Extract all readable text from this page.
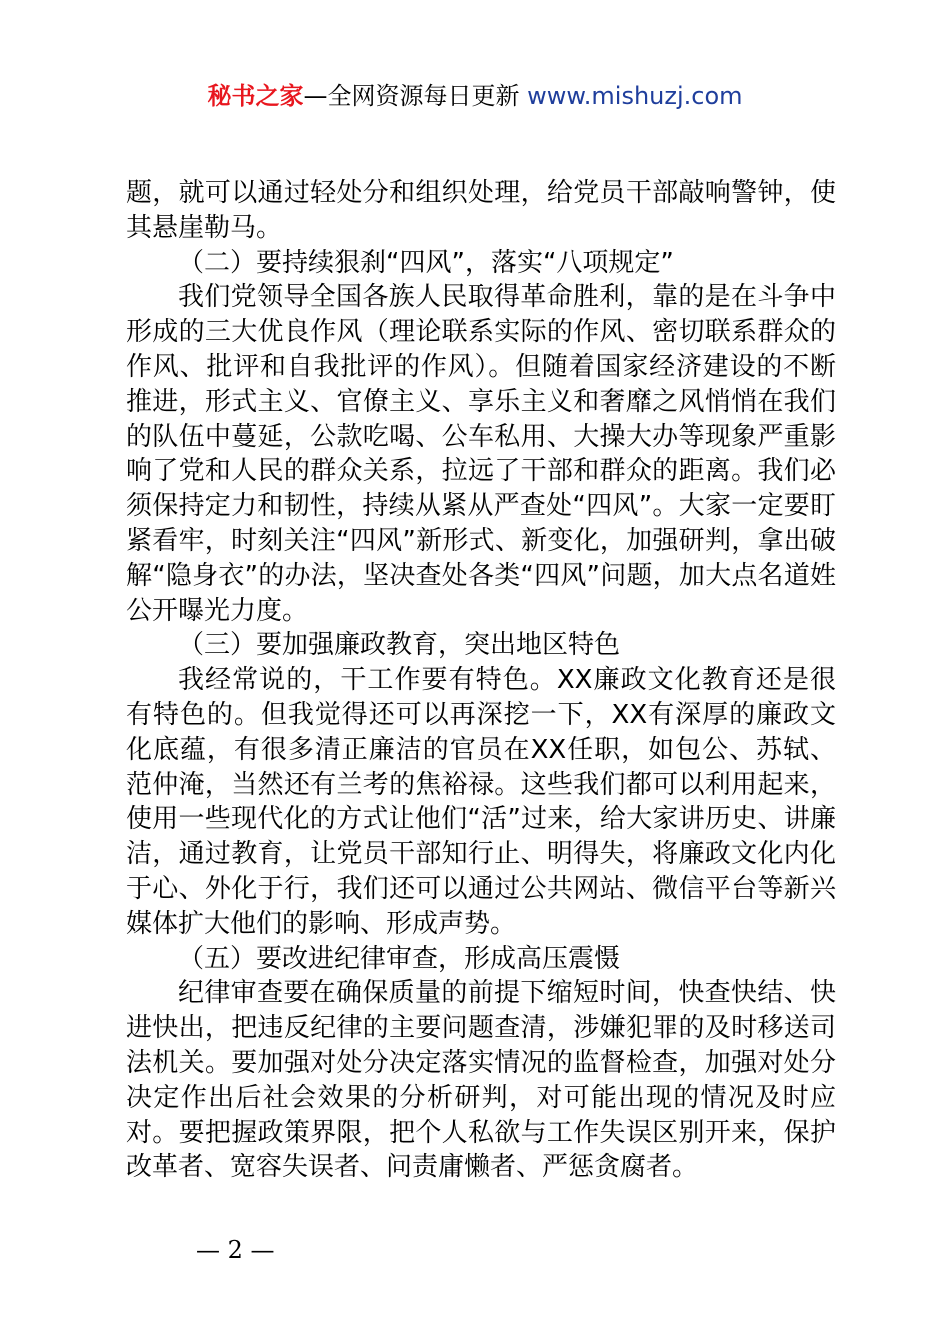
秘书之家—全网资源每日更新 www.mishuzj.com

题，就可以通过轻处分和组织处理，给党员干部敲响警钟，使其悬崖勒马。

（二）要持续狠刹“四风”，落实“八项规定”

我们党领导全国各族人民取得革命胜利，靠的是在斗争中形成的三大优良作风（理论联系实际的作风、密切联系群众的作风、批评和自我批评的作风）。但随着国家经济建设的不断推进，形式主义、官僚主义、享乐主义和奢靡之风悄悄在我们的队伍中蔓延，公款吃喝、公车私用、大操大办等现象严重影响了党和人民的群众关系，拉远了干部和群众的距离。我们必须保持定力和韧性，持续从紧从严查处“四风”。大家一定要盯紧看牢，时刻关注“四风”新形式、新变化，加强研判，拿出破解“隐身衣”的办法，坚决查处各类“四风”问题，加大点名道姓公开曝光力度。

（三）要加强廉政教育，突出地区特色

我经常说的，干工作要有特色。XX廉政文化教育还是很有特色的。但我觉得还可以再深挖一下，XX有深厚的廉政文化底蕴，有很多清正廉洁的官员在XX任职，如包公、苏轼、范仲淹，当然还有兰考的焦裕禄。这些我们都可以利用起来，使用一些现代化的方式让他们“活”过来，给大家讲历史、讲廉洁，通过教育，让党员干部知行止、明得失，将廉政文化内化于心、外化于行，我们还可以通过公共网站、微信平台等新兴媒体扩大他们的影响、形成声势。

（五）要改进纪律审查，形成高压震慑

纪律审查要在确保质量的前提下缩短时间，快查快结、快进快出，把违反纪律的主要问题查清，涉嫌犯罪的及时移送司法机关。要加强对处分决定落实情况的监督检查，加强对处分决定作出后社会效果的分析研判，对可能出现的情况及时应对。要把握政策界限，把个人私欲与工作失误区别开来，保护改革者、宽容失误者、问责庸懒者、严惩贪腐者。

— 2 —
